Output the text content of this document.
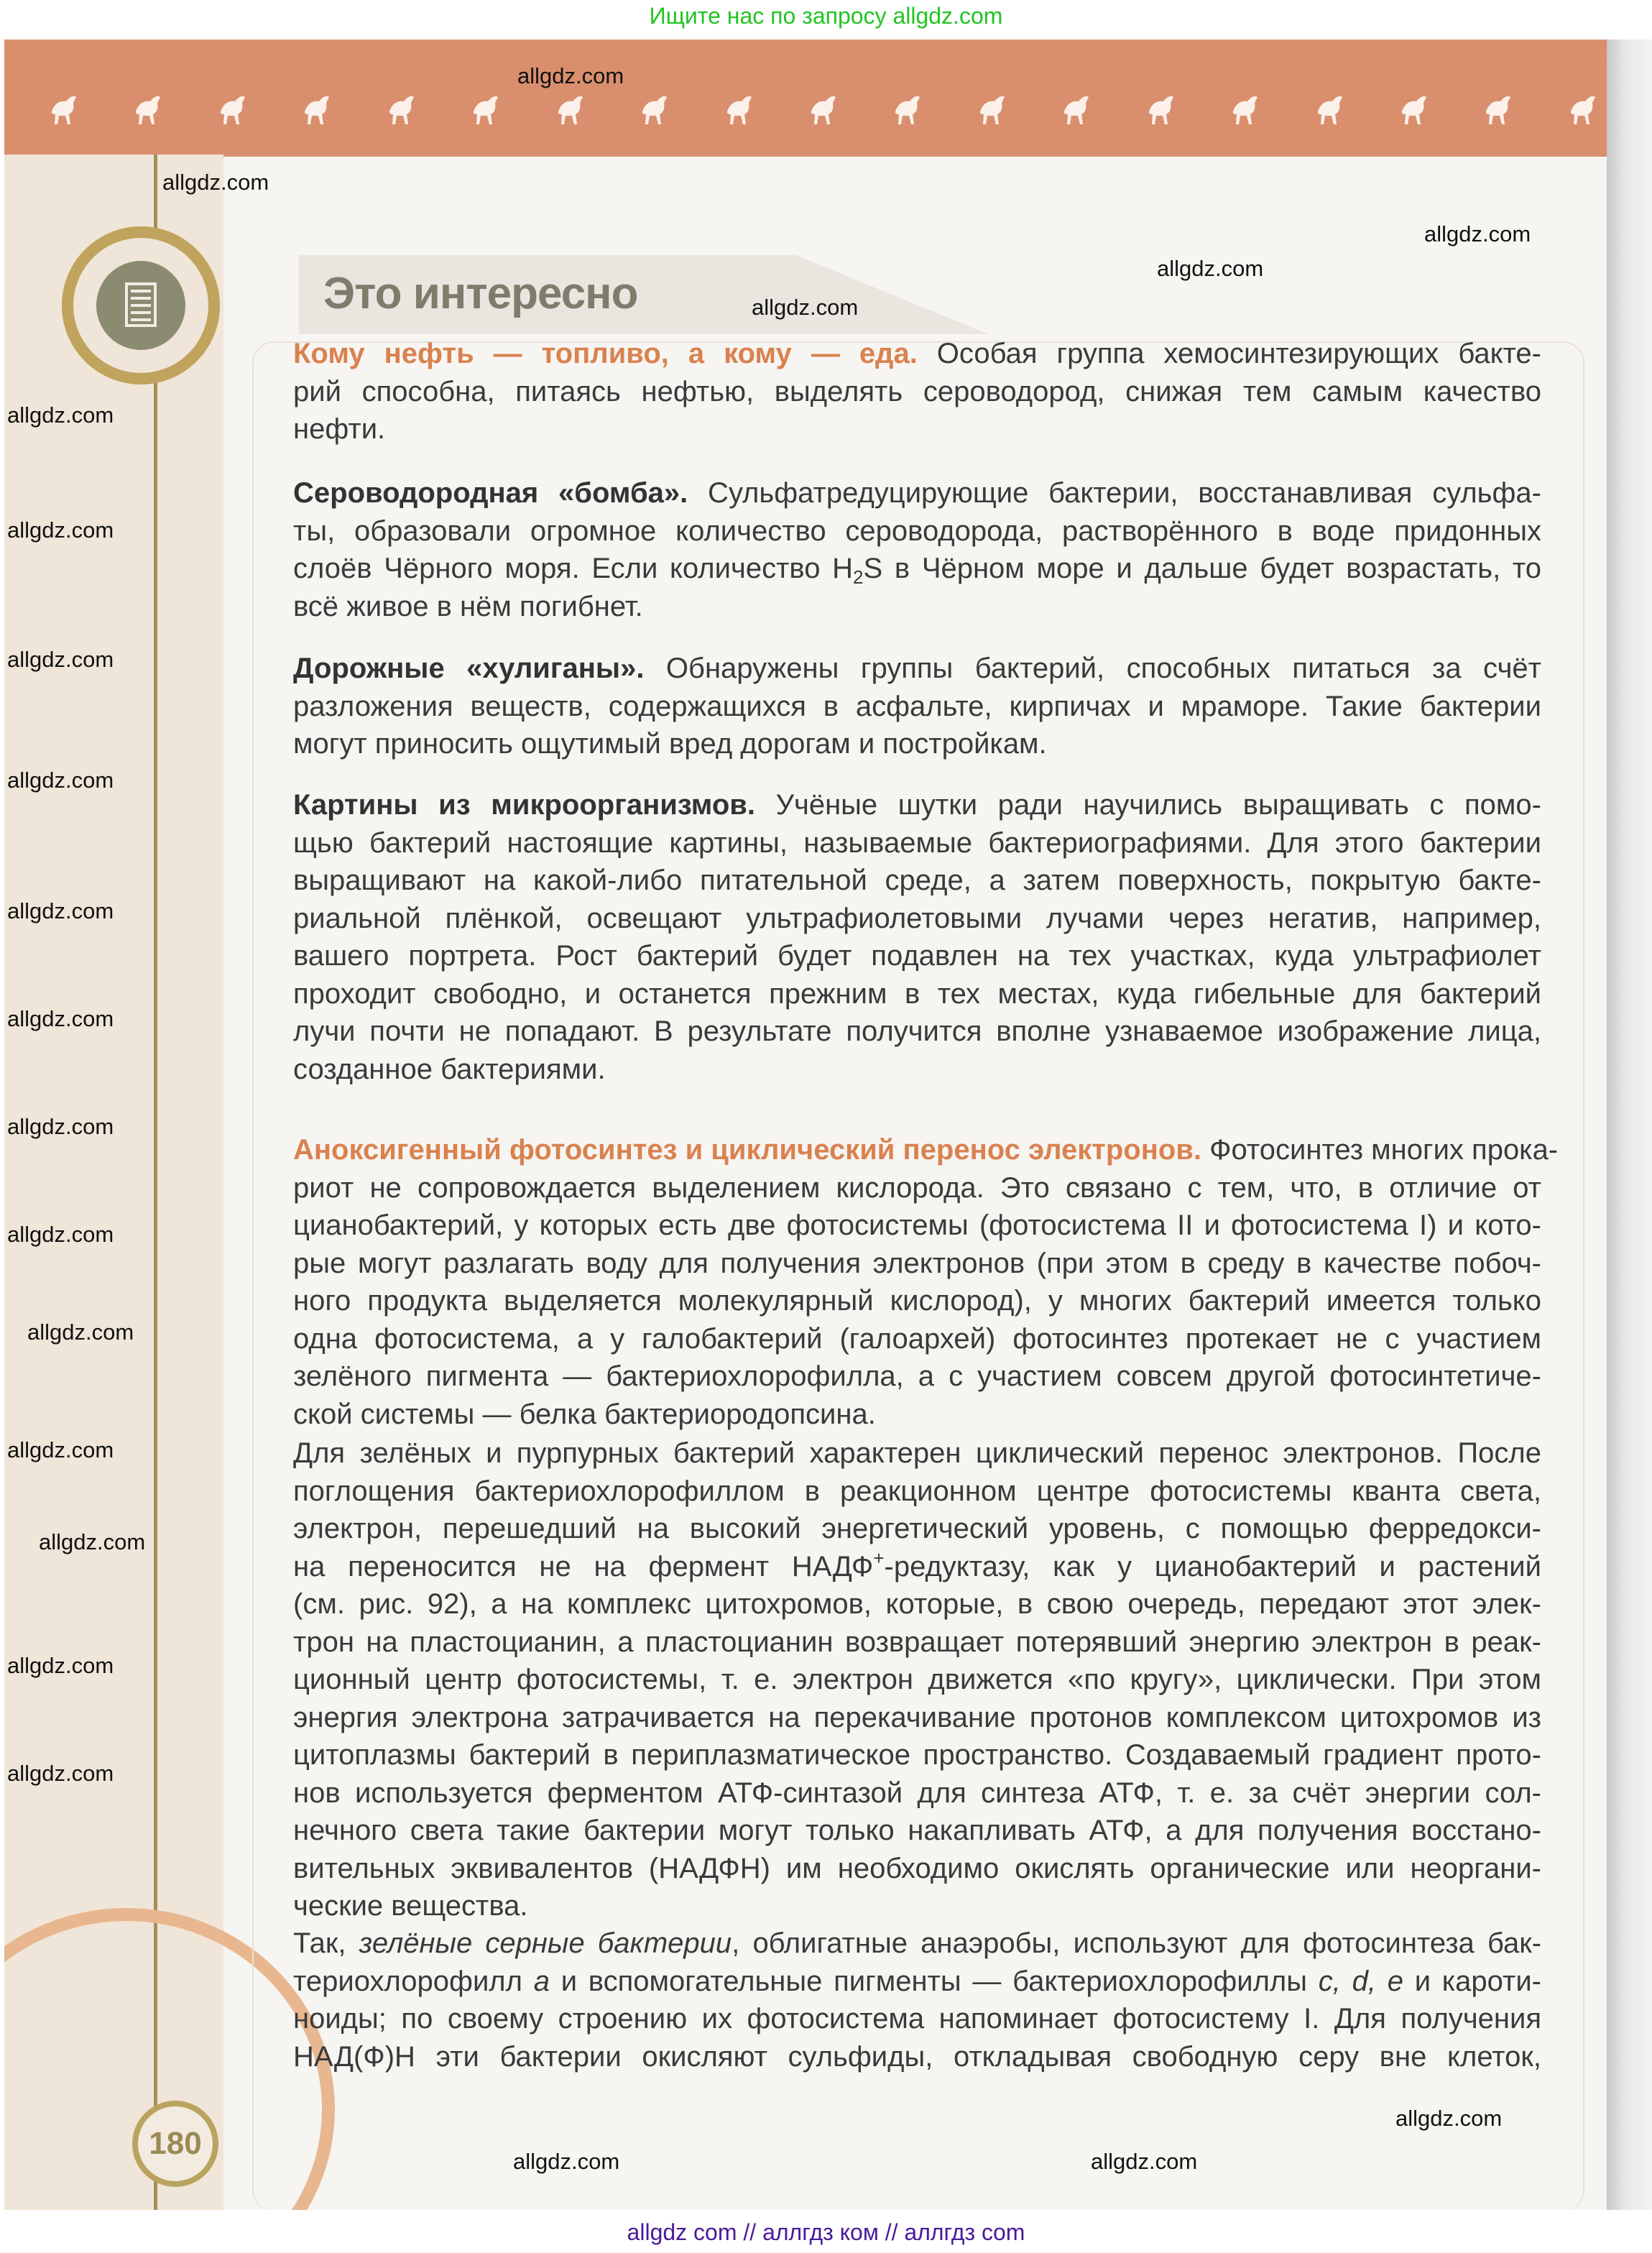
Ищите нас по запросу allgdz.com
Это интересно
180
Кому нефть — топливо, а кому — еда. Особая группа хемосинтезирующих бакте-
рий способна, питаясь нефтью, выделять сероводород, снижая тем самым качество
нефти.
Сероводородная «бомба». Сульфатредуцирующие бактерии, восстанавливая сульфа-
ты, образовали огромное количество сероводорода, растворённого в воде придонных
слоёв Чёрного моря. Если количество $H_2S$ в Чёрном море и дальше будет возрастать, то
всё живое в нём погибнет.
Дорожные «хулиганы». Обнаружены группы бактерий, способных питаться за счёт
разложения веществ, содержащихся в асфальте, кирпичах и мраморе. Такие бактерии
могут приносить ощутимый вред дорогам и постройкам.
Картины из микроорганизмов. Учёные шутки ради научились выращивать с помо-
щью бактерий настоящие картины, называемые бактериографиями. Для этого бактерии
выращивают на какой-либо питательной среде, а затем поверхность, покрытую бакте-
риальной плёнкой, освещают ультрафиолетовыми лучами через негатив, например,
вашего портрета. Рост бактерий будет подавлен на тех участках, куда ультрафиолет
проходит свободно, и останется прежним в тех местах, куда гибельные для бактерий
лучи почти не попадают. В результате получится вполне узнаваемое изображение лица,
созданное бактериями.
Аноксигенный фотосинтез и циклический перенос электронов. Фотосинтез многих прока-
риот не сопровождается выделением кислорода. Это связано с тем, что, в отличие от
цианобактерий, у которых есть две фотосистемы (фотосистема II и фотосистема I) и кото-
рые могут разлагать воду для получения электронов (при этом в среду в качестве побоч-
ного продукта выделяется молекулярный кислород), у многих бактерий имеется только
одна фотосистема, а у галобактерий (галоархей) фотосинтез протекает не с участием
зелёного пигмента — бактериохлорофилла, а с участием совсем другой фотосинтетиче-
ской системы — белка бактериородопсина.
Для зелёных и пурпурных бактерий характерен циклический перенос электронов. После
поглощения бактериохлорофиллом в реакционном центре фотосистемы кванта света,
электрон, перешедший на высокий энергетический уровень, с помощью ферредокси-
на переносится не на фермент НАДФ+-редуктазу, как у цианобактерий и растений
(см. рис. 92), а на комплекс цитохромов, которые, в свою очередь, передают этот элек-
трон на пластоцианин, а пластоцианин возвращает потерявший энергию электрон в реак-
ционный центр фотосистемы, т. е. электрон движется «по кругу», циклически. При этом
энергия электрона затрачивается на перекачивание протонов комплексом цитохромов из
цитоплазмы бактерий в периплазматическое пространство. Создаваемый градиент прото-
нов используется ферментом АТФ-синтазой для синтеза АТФ, т. е. за счёт энергии сол-
нечного света такие бактерии могут только накапливать АТФ, а для получения восстано-
вительных эквивалентов (НАДФН) им необходимо окислять органические или неоргани-
ческие вещества.
Так, зелёные серные бактерии, облигатные анаэробы, используют для фотосинтеза бак-
териохлорофилл a и вспомогательные пигменты — бактериохлорофиллы c, d, e и кароти-
ноиды; по своему строению их фотосистема напоминает фотосистему I. Для получения
НАД(Ф)Н эти бактерии окисляют сульфиды, откладывая свободную серу вне клеток,
allgdz.com
allgdz.com
allgdz.com
allgdz.com
allgdz.com
allgdz.com
allgdz.com
allgdz.com
allgdz.com
allgdz.com
allgdz.com
allgdz.com
allgdz.com
allgdz.com
allgdz.com
allgdz.com
allgdz.com
allgdz.com
allgdz.com
allgdz.com
allgdz.com
allgdz com // аллгдз ком // аллгдз com
